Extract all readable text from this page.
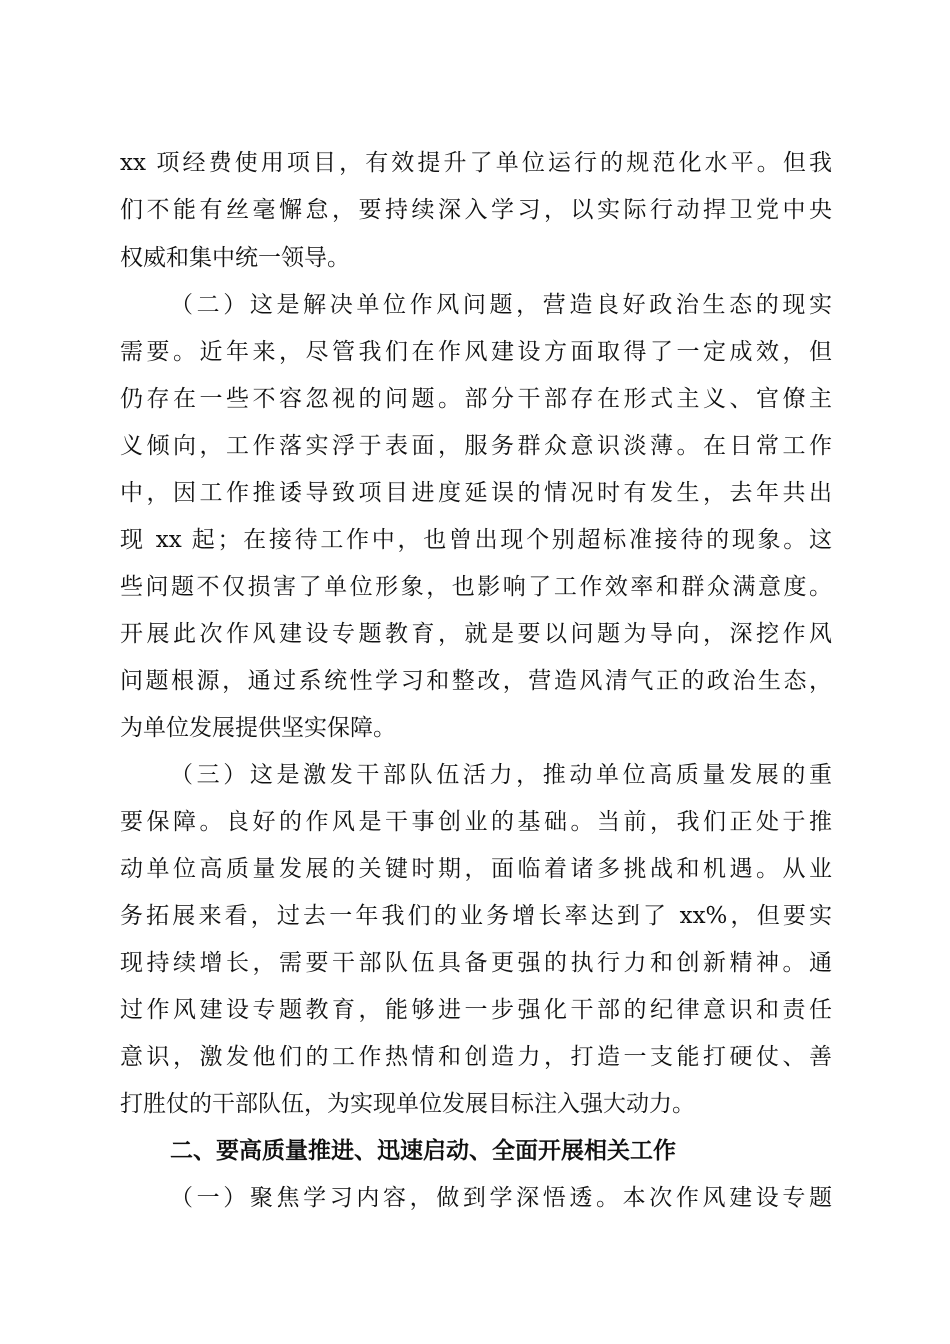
xx 项经费使用项目，有效提升了单位运行的规范化水平。但我
们不能有丝毫懈怠，要持续深入学习，以实际行动捍卫党中央
权威和集中统一领导。
（二）这是解决单位作风问题，营造良好政治生态的现实
需要。近年来，尽管我们在作风建设方面取得了一定成效，但
仍存在一些不容忽视的问题。部分干部存在形式主义、官僚主
义倾向，工作落实浮于表面，服务群众意识淡薄。在日常工作
中，因工作推诿导致项目进度延误的情况时有发生，去年共出
现 xx 起；在接待工作中，也曾出现个别超标准接待的现象。这
些问题不仅损害了单位形象，也影响了工作效率和群众满意度。
开展此次作风建设专题教育，就是要以问题为导向，深挖作风
问题根源，通过系统性学习和整改，营造风清气正的政治生态，
为单位发展提供坚实保障。
（三）这是激发干部队伍活力，推动单位高质量发展的重
要保障。良好的作风是干事创业的基础。当前，我们正处于推
动单位高质量发展的关键时期，面临着诸多挑战和机遇。从业
务拓展来看，过去一年我们的业务增长率达到了 xx%，但要实
现持续增长，需要干部队伍具备更强的执行力和创新精神。通
过作风建设专题教育，能够进一步强化干部的纪律意识和责任
意识，激发他们的工作热情和创造力，打造一支能打硬仗、善
打胜仗的干部队伍，为实现单位发展目标注入强大动力。
二、要高质量推进、迅速启动、全面开展相关工作
（一）聚焦学习内容，做到学深悟透。本次作风建设专题
